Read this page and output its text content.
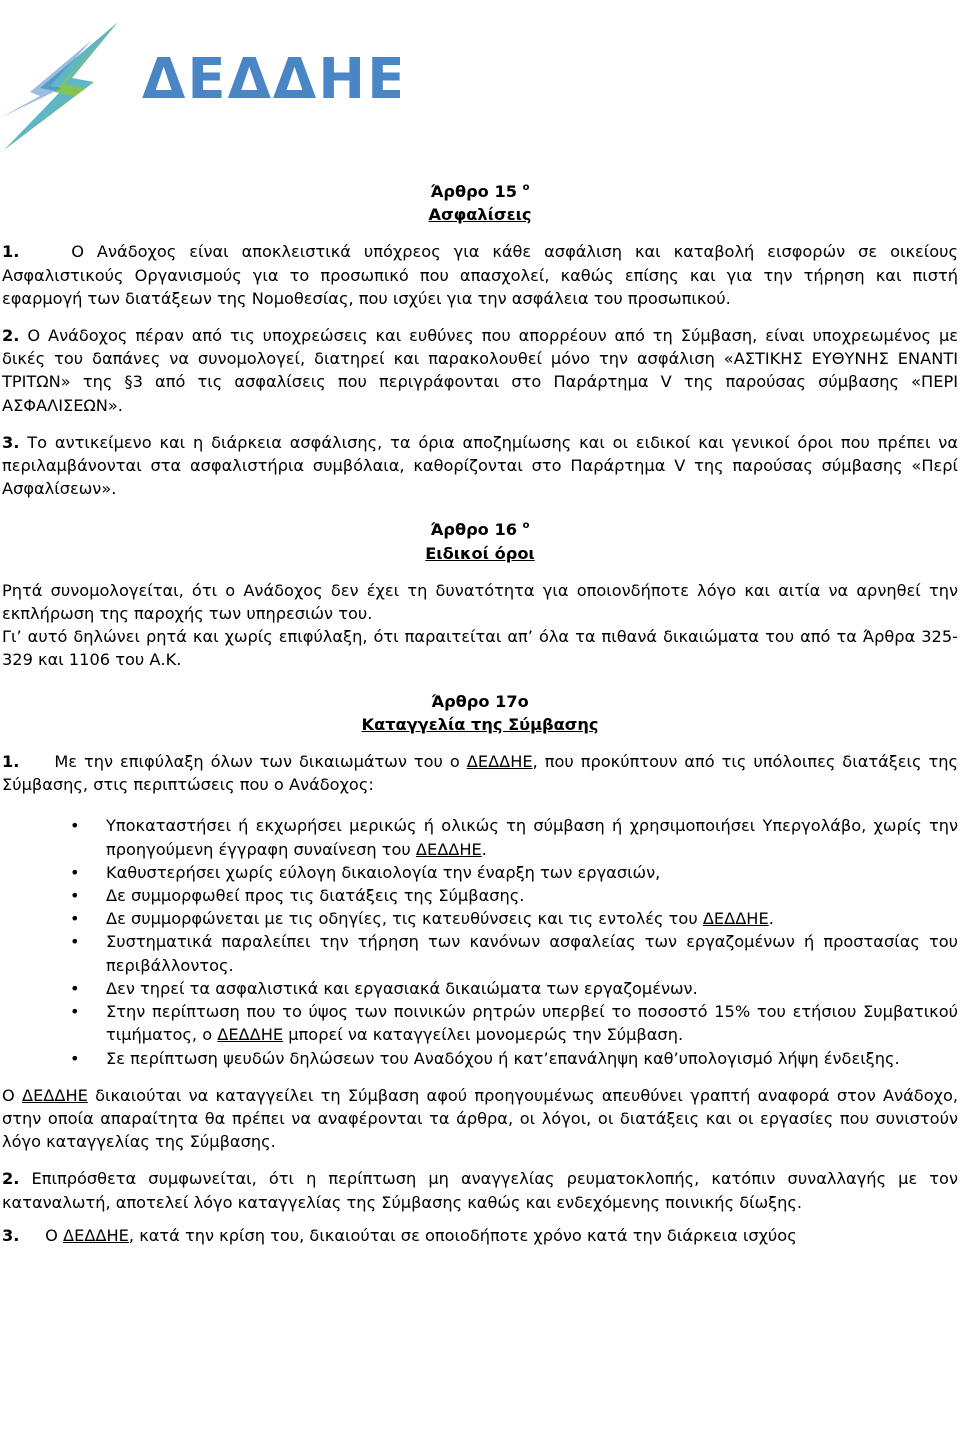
ΔΕΔΔΗΕ
Άρθρο 15 $^o$
Ασφαλίσεις

1.	Ο Ανάδοχος είναι αποκλειστικά υπόχρεος για κάθε ασφάλιση και καταβολή εισφορών σε οικείους Ασφαλιστικούς Οργανισμούς για το προσωπικό που απασχολεί, καθώς επίσης και για την τήρηση και πιστή εφαρμογή των διατάξεων της Νομοθεσίας, που ισχύει για την ασφάλεια του προσωπικού.

2. Ο Ανάδοχος πέραν από τις υποχρεώσεις και ευθύνες που απορρέουν από τη Σύμβαση, είναι υποχρεωμένος με δικές του δαπάνες να συνομολογεί, διατηρεί και παρακολουθεί μόνο την ασφάλιση «ΑΣΤΙΚΗΣ ΕΥΘΥΝΗΣ ΕΝΑΝΤΙ ΤΡΙΤΩΝ» της §3 από τις ασφαλίσεις που περιγράφονται στο Παράρτημα V της παρούσας σύμβασης «ΠΕΡΙ ΑΣΦΑΛΙΣΕΩΝ».

3. Το αντικείμενο και η διάρκεια ασφάλισης, τα όρια αποζημίωσης και οι ειδικοί και γενικοί όροι που πρέπει να περιλαμβάνονται στα ασφαλιστήρια συμβόλαια, καθορίζονται στο Παράρτημα V της παρούσας σύμβασης «Περί Ασφαλίσεων».

Άρθρο 16 $^o$
Ειδικοί όροι

Ρητά συνομολογείται, ότι ο Ανάδοχος δεν έχει τη δυνατότητα για οποιονδήποτε λόγο και αιτία να αρνηθεί την εκπλήρωση της παροχής των υπηρεσιών του.

Γι’ αυτό δηλώνει ρητά και χωρίς επιφύλαξη, ότι παραιτείται απ’ όλα τα πιθανά δικαιώματα του από τα Άρθρα 325-329 και 1106 του Α.Κ.

Άρθρο 17ο
Καταγγελία της Σύμβασης

1. Με την επιφύλαξη όλων των δικαιωμάτων του ο ΔΕΔΔΗΕ, που προκύπτουν από τις υπόλοιπες διατάξεις της Σύμβασης, στις περιπτώσεις που ο Ανάδοχος:

• Υποκαταστήσει ή εκχωρήσει μερικώς ή ολικώς τη σύμβαση ή χρησιμοποιήσει Υπεργολάβο, χωρίς την προηγούμενη έγγραφη συναίνεση του ΔΕΔΔΗΕ.
• Καθυστερήσει χωρίς εύλογη δικαιολογία την έναρξη των εργασιών,
• Δε συμμορφωθεί προς τις διατάξεις της Σύμβασης.
• Δε συμμορφώνεται με τις οδηγίες, τις κατευθύνσεις και τις εντολές του ΔΕΔΔΗΕ.
• Συστηματικά παραλείπει την τήρηση των κανόνων ασφαλείας των εργαζομένων ή προστασίας του περιβάλλοντος.
• Δεν τηρεί τα ασφαλιστικά και εργασιακά δικαιώματα των εργαζομένων.
• Στην περίπτωση που το ύψος των ποινικών ρητρών υπερβεί το ποσοστό 15% του ετήσιου Συμβατικού τιμήματος, ο ΔΕΔΔΗΕ μπορεί να καταγγείλει μονομερώς την Σύμβαση.
• Σε περίπτωση ψευδών δηλώσεων του Αναδόχου ή κατ’επανάληψη καθ’υπολογισμό λήψη ένδειξης.

Ο ΔΕΔΔΗΕ δικαιούται να καταγγείλει τη Σύμβαση αφού προηγουμένως απευθύνει γραπτή αναφορά στον Ανάδοχο, στην οποία απαραίτητα θα πρέπει να αναφέρονται τα άρθρα, οι λόγοι, οι διατάξεις και οι εργασίες που συνιστούν λόγο καταγγελίας της Σύμβασης.

2. Επιπρόσθετα συμφωνείται, ότι η περίπτωση μη αναγγελίας ρευματοκλοπής, κατόπιν συναλλαγής με τον καταναλωτή, αποτελεί λόγο καταγγελίας της Σύμβασης καθώς και ενδεχόμενης ποινικής δίωξης.

3. Ο ΔΕΔΔΗΕ, κατά την κρίση του, δικαιούται σε οποιοδήποτε χρόνο κατά την διάρκεια ισχύος
